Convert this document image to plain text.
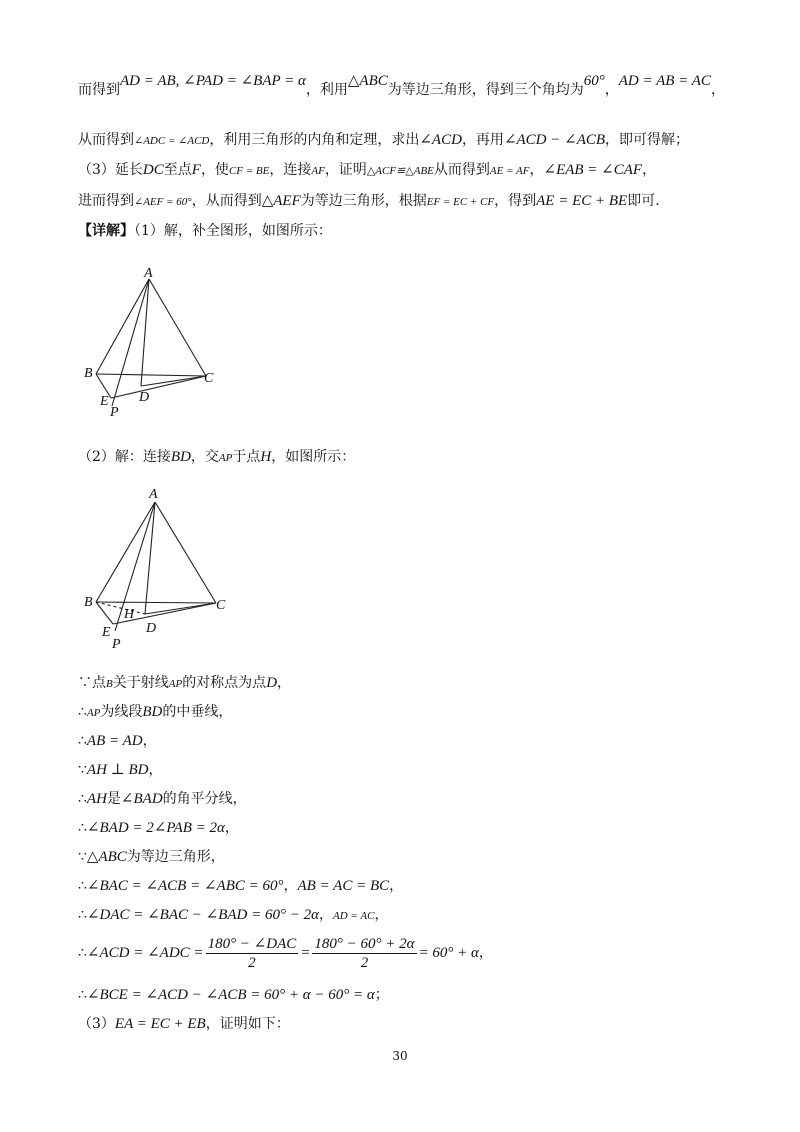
而得到AD = AB, ∠PAD = ∠BAP = α，利用△ABC为等边三角形，得到三个角均为60°，AD = AB = AC，
从而得到∠ADC = ∠ACD，利用三角形的内角和定理，求出∠ACD，再用∠ACD − ∠ACB，即可得解；
（3）延长DC至点F，使CF = BE，连接AF，证明△ACF≌△ABE从而得到AE = AF，∠EAB = ∠CAF，
进而得到∠AEF = 60°，从而得到△AEF为等边三角形，根据EF = EC + CF，得到AE = EC + BE即可.
【详解】（1）解，补全图形，如图所示：
A
B	C
D
E
P
（2）解：连接BD，交AP于点H，如图所示：
A
B	C
D
E
P
H
∵点B关于射线AP的对称点为点D，
∴AP为线段BD的中垂线，
∴AB = AD，
∵AH ⊥ BD，
∴AH是∠BAD的角平分线，
∴∠BAD = 2∠PAB = 2α，
∵△ABC为等边三角形，
∴∠BAC = ∠ACB = ∠ABC = 60°，AB = AC = BC，
∴∠DAC = ∠BAC − ∠BAD = 60° − 2α，AD = AC，
∴∠ACD = ∠ADC = $\frac{\text{180° − ∠DAC}}{2} = \frac{180^\circ - 60^\circ + 2\alpha}{2} = 60^\circ + \alpha$，
∴∠BCE = ∠ACD − ∠ACB = 60° + α − 60° = α；
（3）EA = EC + EB，证明如下：
30
